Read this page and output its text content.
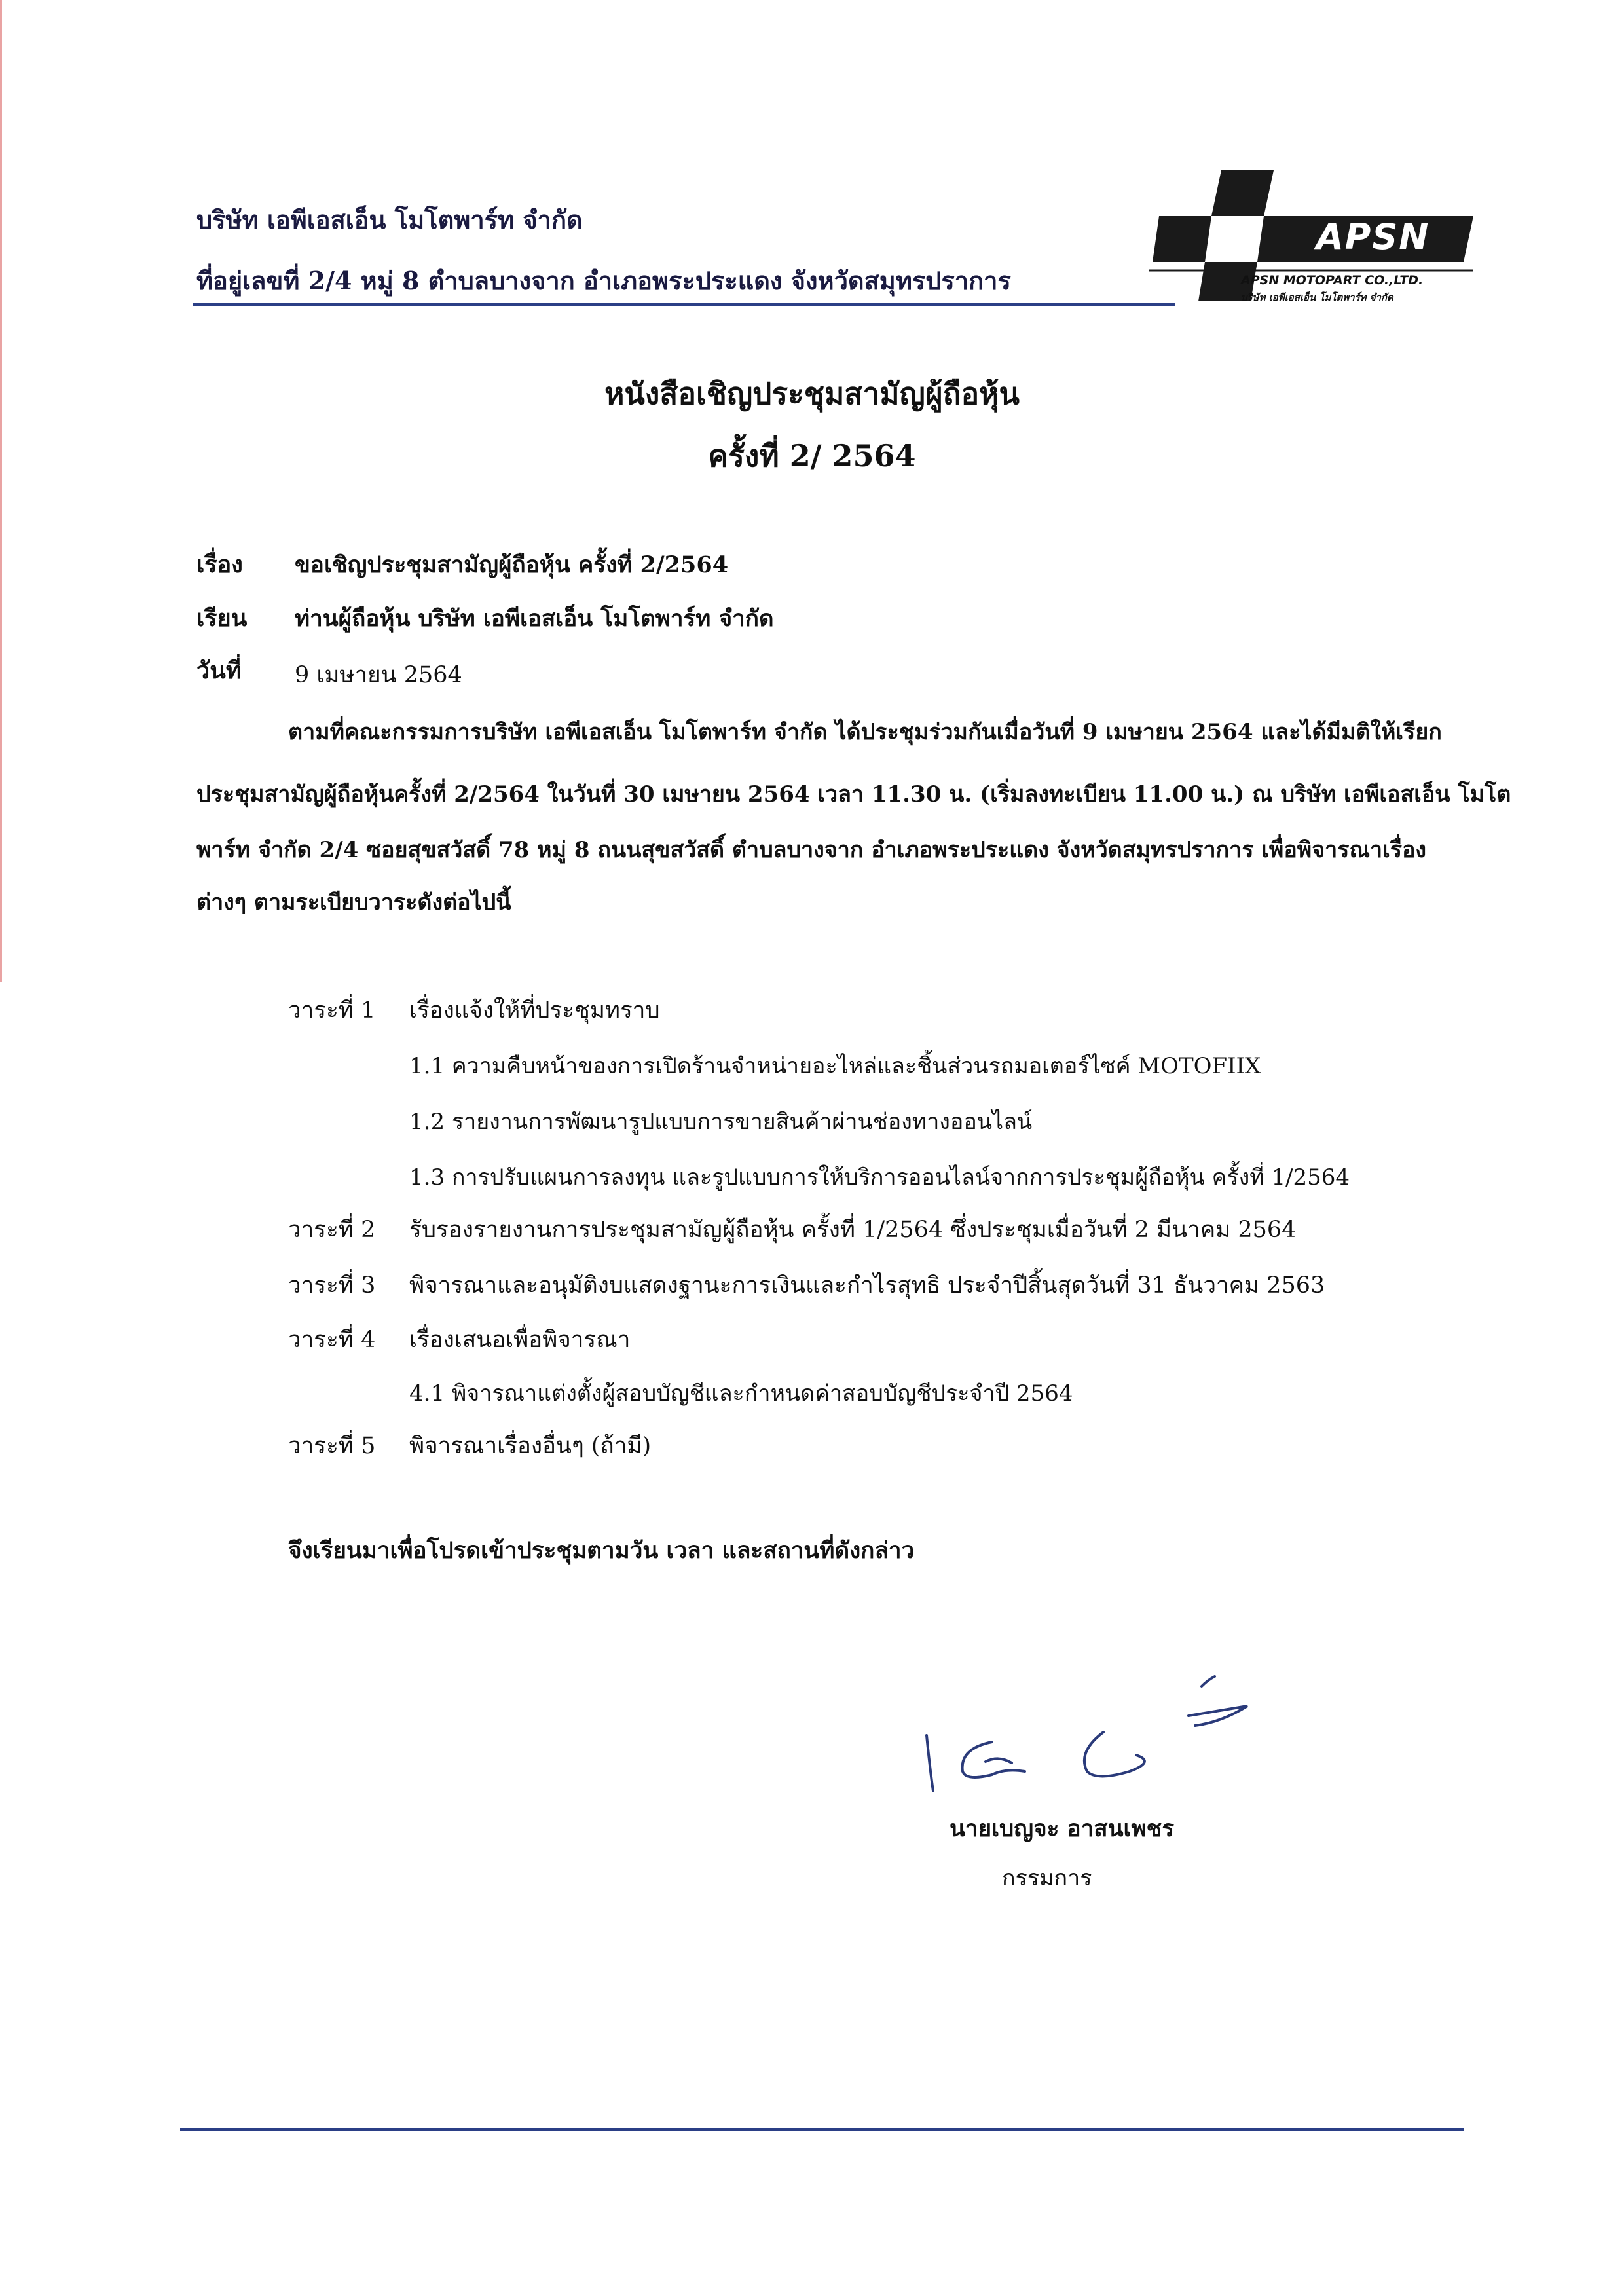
บริษัท เอพีเอสเอ็น โมโตพาร์ท จำกัด
ที่อยู่เลขที่ 2/4 หมู่ 8 ตำบลบางจาก อำเภอพระประแดง จังหวัดสมุทรปราการ
APSN
APSN MOTOPART CO.,LTD.
บริษัท เอพีเอสเอ็น โมโตพาร์ท จำกัด
หนังสือเชิญประชุมสามัญผู้ถือหุ้น
ครั้งที่ 2/ 2564
เรื่อง ขอเชิญประชุมสามัญผู้ถือหุ้น ครั้งที่ 2/2564
เรียน ท่านผู้ถือหุ้น บริษัท เอพีเอสเอ็น โมโตพาร์ท จำกัด
วันที่ 9 เมษายน 2564
ตามที่คณะกรรมการบริษัท เอพีเอสเอ็น โมโตพาร์ท จำกัด ได้ประชุมร่วมกันเมื่อวันที่ 9 เมษายน 2564 และได้มีมติให้เรียก
ประชุมสามัญผู้ถือหุ้นครั้งที่ 2/2564 ในวันที่ 30 เมษายน 2564 เวลา 11.30 น. (เริ่มลงทะเบียน 11.00 น.) ณ บริษัท เอพีเอสเอ็น โมโต
พาร์ท จำกัด 2/4 ซอยสุขสวัสดิ์ 78 หมู่ 8 ถนนสุขสวัสดิ์ ตำบลบางจาก อำเภอพระประแดง จังหวัดสมุทรปราการ เพื่อพิจารณาเรื่อง
ต่างๆ ตามระเบียบวาระดังต่อไปนี้
วาระที่ 1 เรื่องแจ้งให้ที่ประชุมทราบ
1.1 ความคืบหน้าของการเปิดร้านจำหน่ายอะไหล่และชิ้นส่วนรถมอเตอร์ไซค์ MOTOFIIX
1.2 รายงานการพัฒนารูปแบบการขายสินค้าผ่านช่องทางออนไลน์
1.3 การปรับแผนการลงทุน และรูปแบบการให้บริการออนไลน์จากการประชุมผู้ถือหุ้น ครั้งที่ 1/2564
วาระที่ 2 รับรองรายงานการประชุมสามัญผู้ถือหุ้น ครั้งที่ 1/2564 ซึ่งประชุมเมื่อวันที่ 2 มีนาคม 2564
วาระที่ 3 พิจารณาและอนุมัติงบแสดงฐานะการเงินและกำไรสุทธิ ประจำปีสิ้นสุดวันที่ 31 ธันวาคม 2563
วาระที่ 4 เรื่องเสนอเพื่อพิจารณา
4.1 พิจารณาแต่งตั้งผู้สอบบัญชีและกำหนดค่าสอบบัญชีประจำปี 2564
วาระที่ 5 พิจารณาเรื่องอื่นๆ (ถ้ามี)
จึงเรียนมาเพื่อโปรดเข้าประชุมตามวัน เวลา และสถานที่ดังกล่าว
นายเบญจะ อาสนเพชร
กรรมการ
